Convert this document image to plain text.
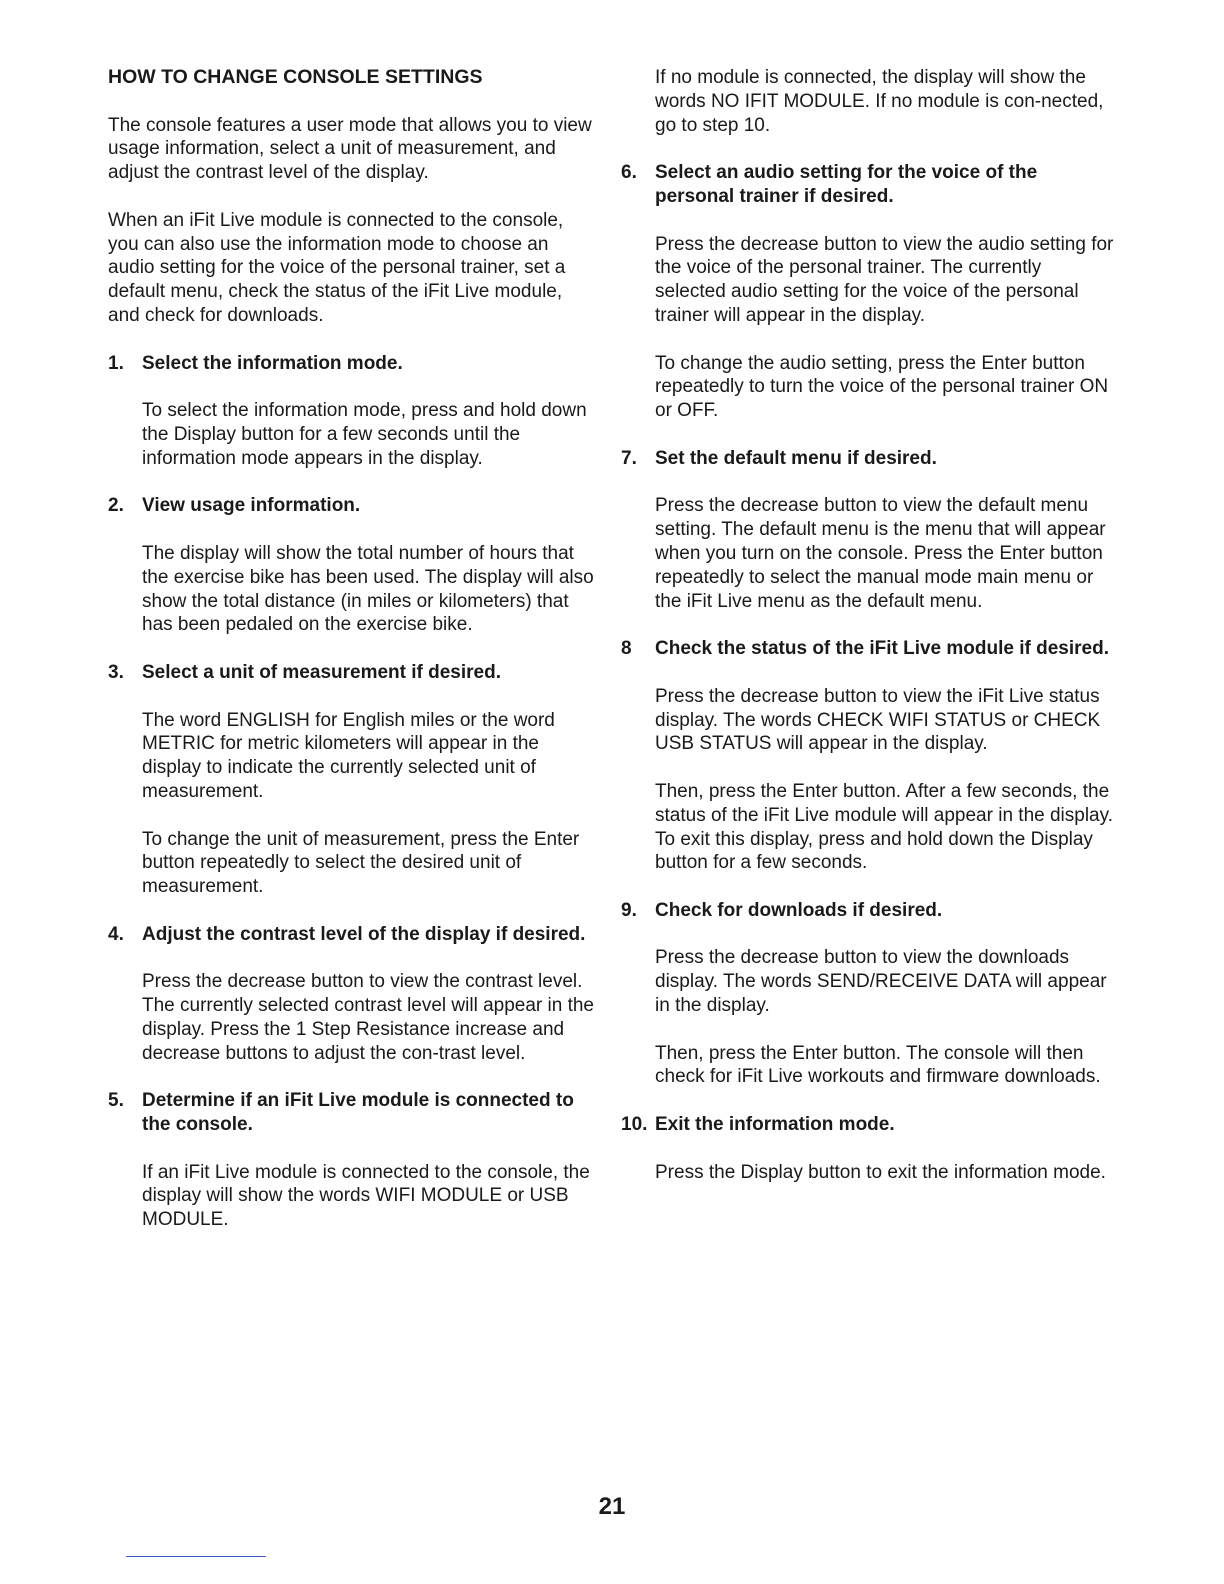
HOW TO CHANGE CONSOLE SETTINGS

The console features a user mode that allows you to view usage information, select a unit of measurement, and adjust the contrast level of the display.

When an iFit Live module is connected to the console, you can also use the information mode to choose an audio setting for the voice of the personal trainer, set a default menu, check the status of the iFit Live module, and check for downloads.

1. Select the information mode.

To select the information mode, press and hold down the Display button for a few seconds until the information mode appears in the display.

2. View usage information.

The display will show the total number of hours that the exercise bike has been used. The display will also show the total distance (in miles or kilometers) that has been pedaled on the exercise bike.

3. Select a unit of measurement if desired.

The word ENGLISH for English miles or the word METRIC for metric kilometers will appear in the display to indicate the currently selected unit of measurement.

To change the unit of measurement, press the Enter button repeatedly to select the desired unit of measurement.

4. Adjust the contrast level of the display if desired.

Press the decrease button to view the contrast level. The currently selected contrast level will appear in the display. Press the 1 Step Resistance increase and decrease buttons to adjust the con-trast level.

5. Determine if an iFit Live module is connected to the console.

If an iFit Live module is connected to the console, the display will show the words WIFI MODULE or USB MODULE.

If no module is connected, the display will show the words NO IFIT MODULE. If no module is con-nected, go to step 10.

6. Select an audio setting for the voice of the personal trainer if desired.

Press the decrease button to view the audio setting for the voice of the personal trainer. The currently selected audio setting for the voice of the personal trainer will appear in the display.

To change the audio setting, press the Enter button repeatedly to turn the voice of the personal trainer ON or OFF.

7. Set the default menu if desired.

Press the decrease button to view the default menu setting. The default menu is the menu that will appear when you turn on the console. Press the Enter button repeatedly to select the manual mode main menu or the iFit Live menu as the default menu.

8	Check the status of the iFit Live module if desired.

Press the decrease button to view the iFit Live status display. The words CHECK WIFI STATUS or CHECK USB STATUS will appear in the display.

Then, press the Enter button. After a few seconds, the status of the iFit Live module will appear in the display. To exit this display, press and hold down the Display button for a few seconds.

9. Check for downloads if desired.

Press the decrease button to view the downloads display. The words SEND/RECEIVE DATA will appear in the display.

Then, press the Enter button. The console will then check for iFit Live workouts and firmware downloads.

10. Exit the information mode.

Press the Display button to exit the information mode.

21
